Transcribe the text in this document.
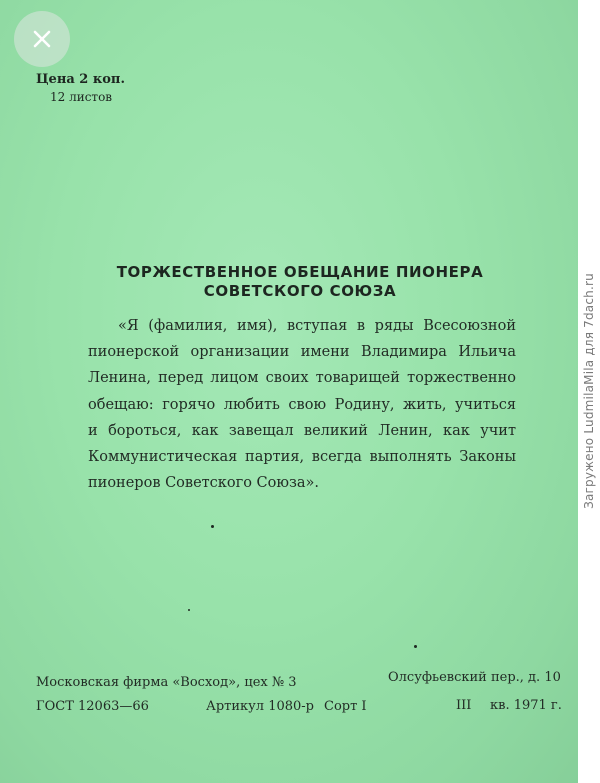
Цена 2 коп.
12 листов
ТОРЖЕСТВЕННОЕ ОБЕЩАНИЕ ПИОНЕРА
СОВЕТСКОГО СОЮЗА
«Я (фамилия, имя), вступая в ряды Всесоюзной
пионерской организации имени Владимира Ильича
Ленина, перед лицом своих товарищей торжественно
обещаю: горячо любить свою Родину, жить, учиться
и бороться, как завещал великий Ленин, как учит
Коммунистическая партия, всегда выполнять Законы
пионеров Советского Союза».
Московская фирма «Восход», цех № 3	Олсуфьевский пер., д. 10
ГОСТ 12063—66	Артикул 1080-р Сорт I	III кв. 1971 г.
Загружено LudmilaMila для 7dach.ru
